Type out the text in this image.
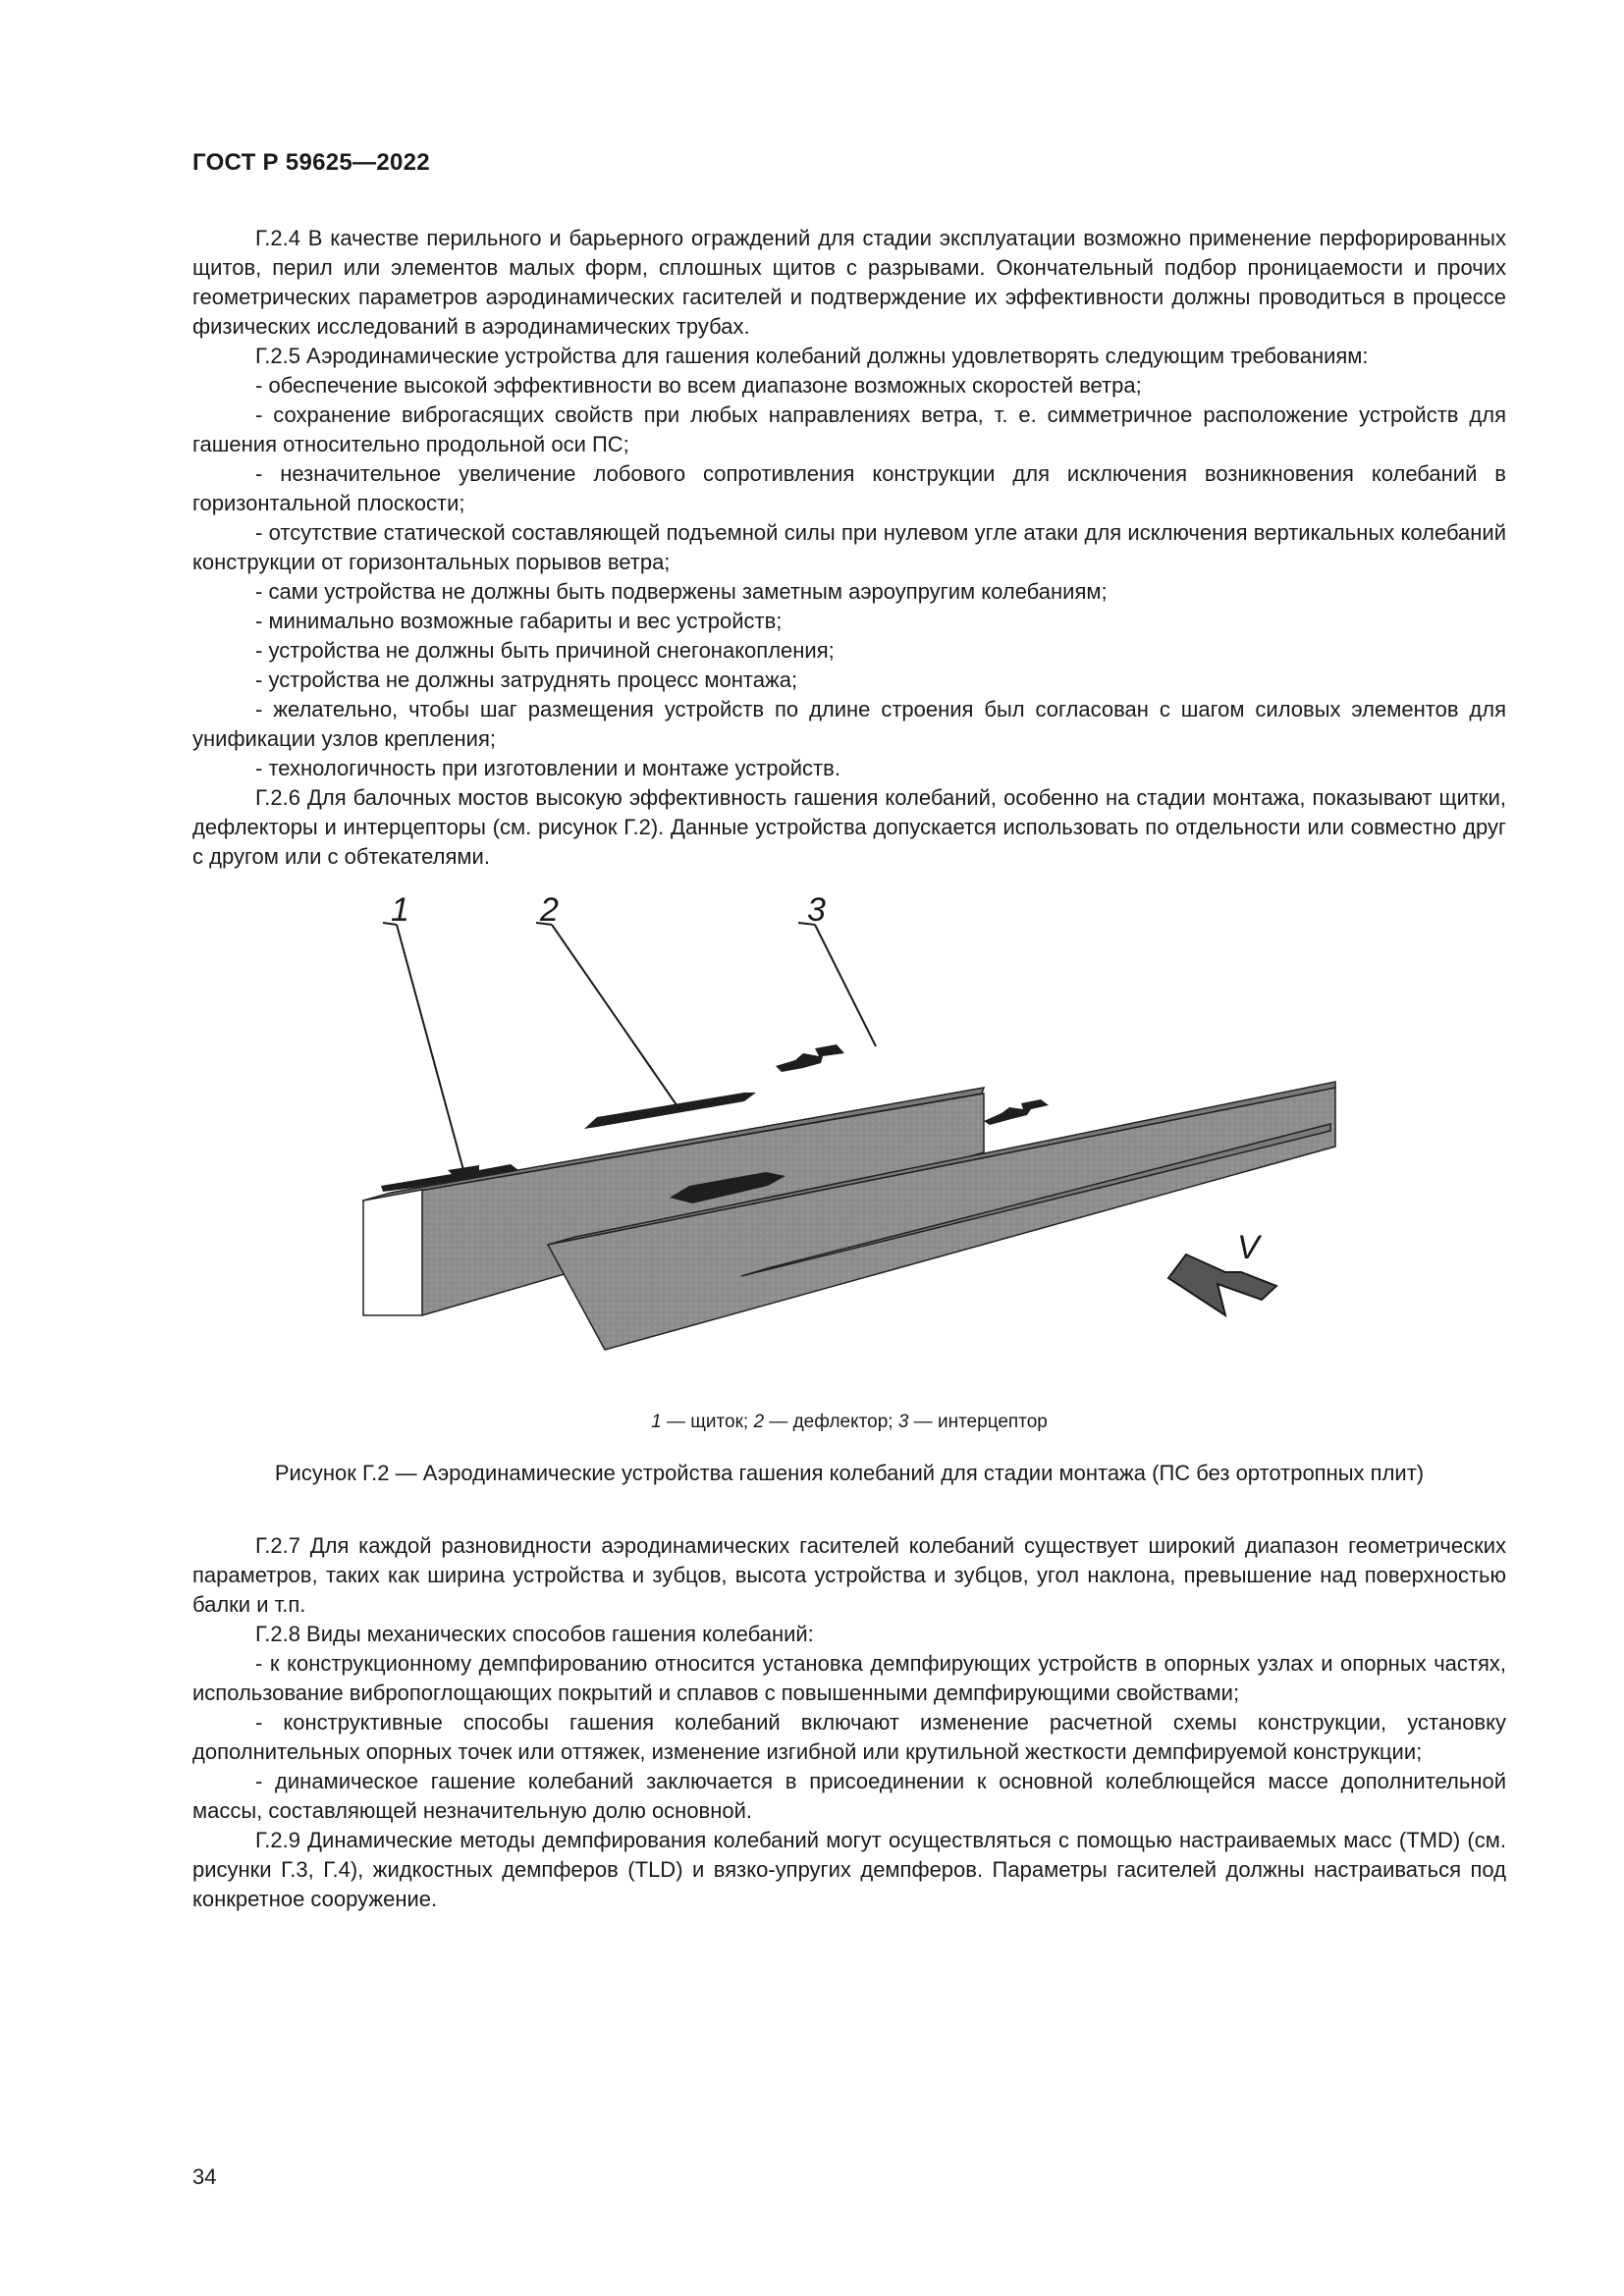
ГОСТ Р 59625—2022

Г.2.4 В качестве перильного и барьерного ограждений для стадии эксплуатации возможно применение перфорированных щитов, перил или элементов малых форм, сплошных щитов с разрывами. Окончательный подбор проницаемости и прочих геометрических параметров аэродинамических гасителей и подтверждение их эффективности должны проводиться в процессе физических исследований в аэродинамических трубах.

Г.2.5 Аэродинамические устройства для гашения колебаний должны удовлетворять следующим требованиям:

- обеспечение высокой эффективности во всем диапазоне возможных скоростей ветра;

- сохранение виброгасящих свойств при любых направлениях ветра, т. е. симметричное расположение устройств для гашения относительно продольной оси ПС;

- незначительное увеличение лобового сопротивления конструкции для исключения возникновения колебаний в горизонтальной плоскости;

- отсутствие статической составляющей подъемной силы при нулевом угле атаки для исключения вертикальных колебаний конструкции от горизонтальных порывов ветра;

- сами устройства не должны быть подвержены заметным аэроупругим колебаниям;

- минимально возможные габариты и вес устройств;

- устройства не должны быть причиной снегонакопления;

- устройства не должны затруднять процесс монтажа;

- желательно, чтобы шаг размещения устройств по длине строения был согласован с шагом силовых элементов для унификации узлов крепления;

- технологичность при изготовлении и монтаже устройств.

Г.2.6 Для балочных мостов высокую эффективность гашения колебаний, особенно на стадии монтажа, показывают щитки, дефлекторы и интерцепторы (см. рисунок Г.2). Данные устройства допускается использовать по отдельности или совместно друг с другом или с обтекателями.

1	2	3
V
1 — щиток; 2 — дефлектор; 3 — интерцептор
Рисунок Г.2 — Аэродинамические устройства гашения колебаний для стадии монтажа (ПС без ортотропных плит)

Г.2.7 Для каждой разновидности аэродинамических гасителей колебаний существует широкий диапазон геометрических параметров, таких как ширина устройства и зубцов, высота устройства и зубцов, угол наклона, превышение над поверхностью балки и т.п.

Г.2.8 Виды механических способов гашения колебаний:

- к конструкционному демпфированию относится установка демпфирующих устройств в опорных узлах и опорных частях, использование вибропоглощающих покрытий и сплавов с повышенными демпфирующими свойствами;

- конструктивные способы гашения колебаний включают изменение расчетной схемы конструкции, установку дополнительных опорных точек или оттяжек, изменение изгибной или крутильной жесткости демпфируемой конструкции;

- динамическое гашение колебаний заключается в присоединении к основной колеблющейся массе дополнительной массы, составляющей незначительную долю основной.

Г.2.9 Динамические методы демпфирования колебаний могут осуществляться с помощью настраиваемых масс (TMD) (см. рисунки Г.3, Г.4), жидкостных демпферов (TLD) и вязко-упругих демпферов. Параметры гасителей должны настраиваться под конкретное сооружение.

34
